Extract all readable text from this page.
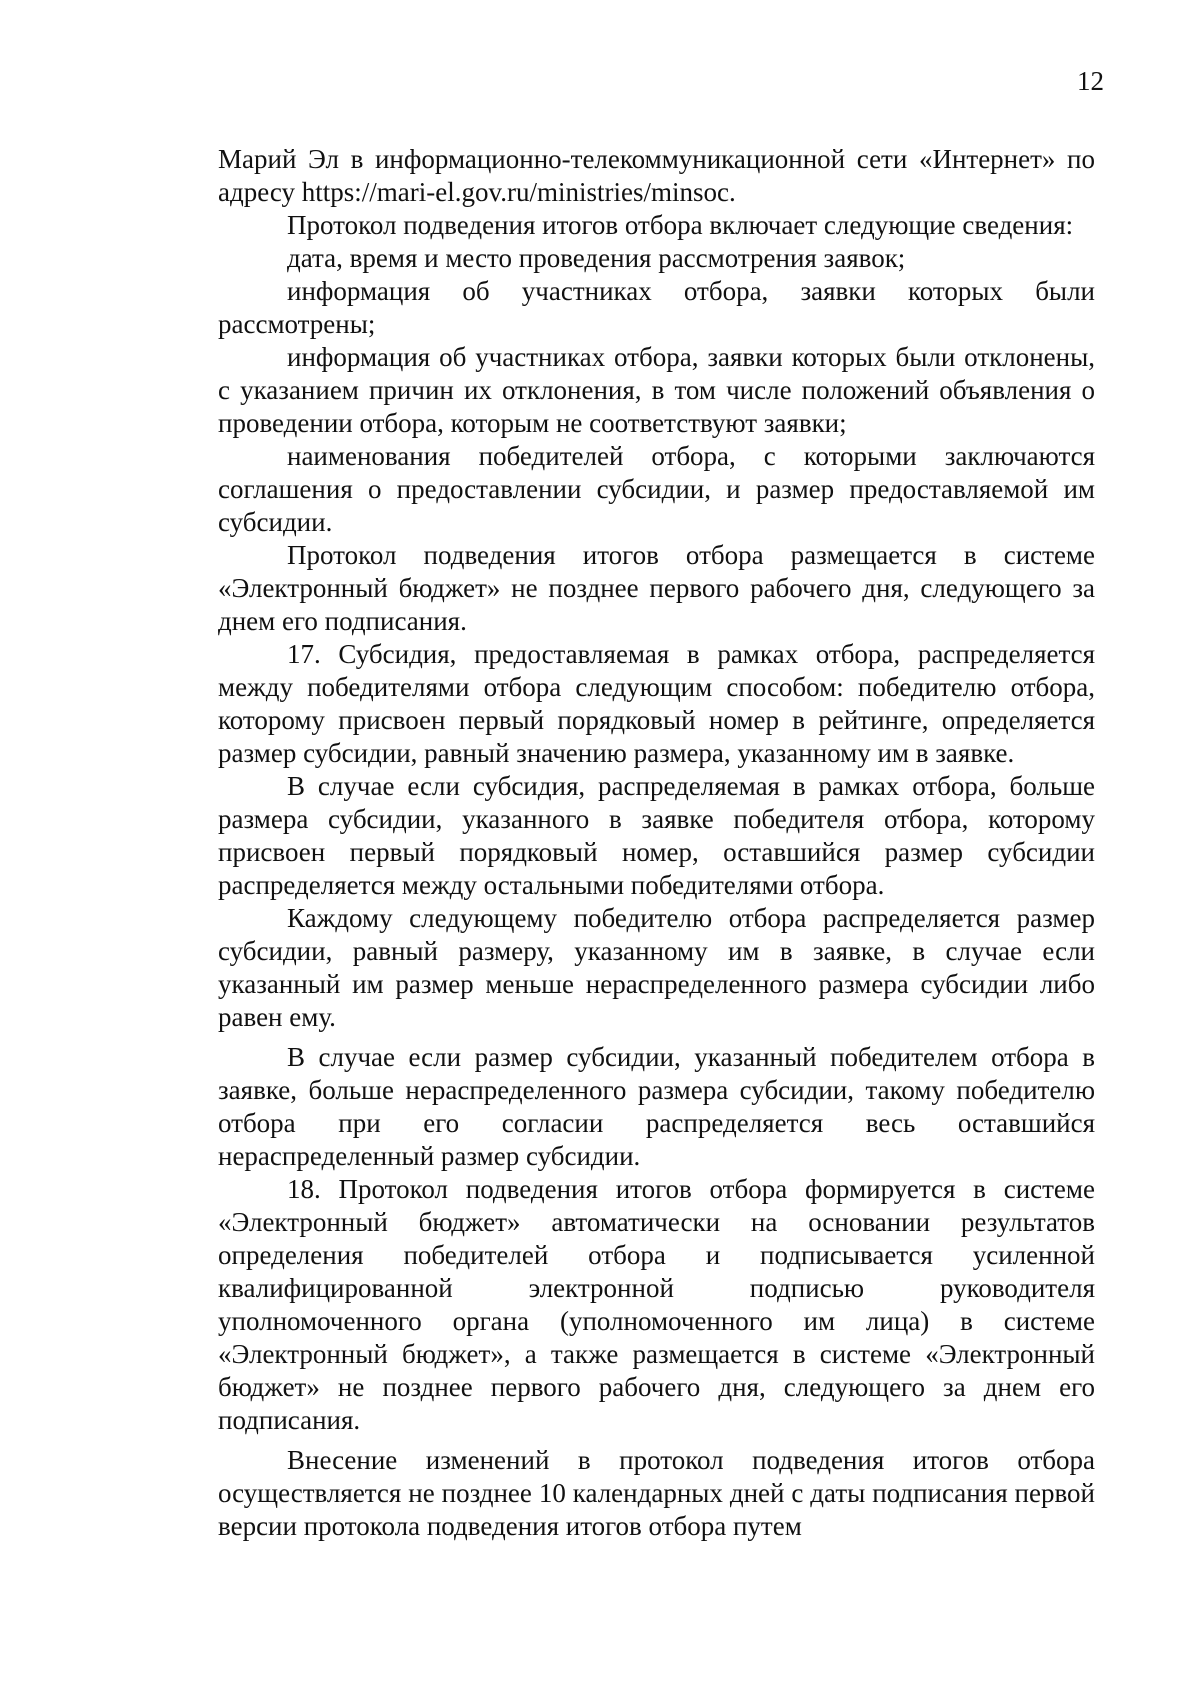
12

Марий Эл в информационно-телекоммуникационной сети «Интернет» по адресу https://mari-el.gov.ru/ministries/minsoc.

Протокол подведения итогов отбора включает следующие сведения:

дата, время и место проведения рассмотрения заявок;

информация об участниках отбора, заявки которых были рассмотрены;

информация об участниках отбора, заявки которых были отклонены, с указанием причин их отклонения, в том числе положений объявления о проведении отбора, которым не соответствуют заявки;

наименования победителей отбора, с которыми заключаются соглашения о предоставлении субсидии, и размер предоставляемой им субсидии.

Протокол подведения итогов отбора размещается в системе «Электронный бюджет» не позднее первого рабочего дня, следующего за днем его подписания.

17. Субсидия, предоставляемая в рамках отбора, распределяется между победителями отбора следующим способом: победителю отбора, которому присвоен первый порядковый номер в рейтинге, определяется размер субсидии, равный значению размера, указанному им в заявке.

В случае если субсидия, распределяемая в рамках отбора, больше размера субсидии, указанного в заявке победителя отбора, которому присвоен первый порядковый номер, оставшийся размер субсидии распределяется между остальными победителями отбора.

Каждому следующему победителю отбора распределяется размер субсидии, равный размеру, указанному им в заявке, в случае если указанный им размер меньше нераспределенного размера субсидии либо равен ему.

В случае если размер субсидии, указанный победителем отбора в заявке, больше нераспределенного размера субсидии, такому победителю отбора при его согласии распределяется весь оставшийся нераспределенный размер субсидии.

18. Протокол подведения итогов отбора формируется в системе «Электронный бюджет» автоматически на основании результатов определения победителей отбора и подписывается усиленной квалифицированной электронной подписью руководителя уполномоченного органа (уполномоченного им лица) в системе «Электронный бюджет», а также размещается в системе «Электронный бюджет» не позднее первого рабочего дня, следующего за днем его подписания.

Внесение изменений в протокол подведения итогов отбора осуществляется не позднее 10 календарных дней с даты подписания первой версии протокола подведения итогов отбора путем
